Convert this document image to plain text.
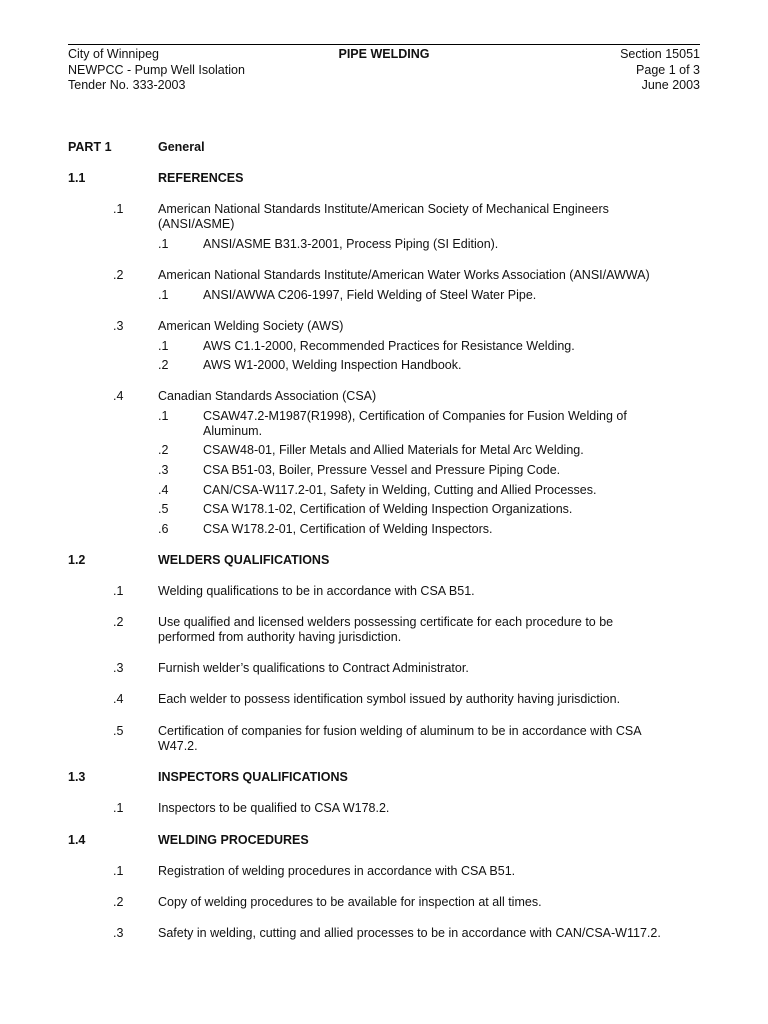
City of Winnipeg
NEWPCC - Pump Well Isolation
Tender No. 333-2003
PIPE WELDING	Section 15051
Page 1 of 3
June 2003
PART 1	General
1.1	REFERENCES
.1	American National Standards Institute/American Society of Mechanical Engineers
(ANSI/ASME)
.1	ANSI/ASME B31.3-2001, Process Piping (SI Edition).
.2	American National Standards Institute/American Water Works Association (ANSI/AWWA)
.1	ANSI/AWWA C206-1997, Field Welding of Steel Water Pipe.
.3	American Welding Society (AWS)
.1	AWS C1.1-2000, Recommended Practices for Resistance Welding.
.2	AWS W1-2000, Welding Inspection Handbook.
.4	Canadian Standards Association (CSA)
.1	CSAW47.2-M1987(R1998), Certification of Companies for Fusion Welding of
Aluminum.
.2	CSAW48-01, Filler Metals and Allied Materials for Metal Arc Welding.
.3	CSA B51-03, Boiler, Pressure Vessel and Pressure Piping Code.
.4	CAN/CSA-W117.2-01, Safety in Welding, Cutting and Allied Processes.
.5	CSA W178.1-02, Certification of Welding Inspection Organizations.
.6	CSA W178.2-01, Certification of Welding Inspectors.
1.2	WELDERS QUALIFICATIONS
.1	Welding qualifications to be in accordance with CSA B51.
.2	Use qualified and licensed welders possessing certificate for each procedure to be
performed from authority having jurisdiction.
.3	Furnish welder’s qualifications to Contract Administrator.
.4	Each welder to possess identification symbol issued by authority having jurisdiction.
.5	Certification of companies for fusion welding of aluminum to be in accordance with CSA
W47.2.
1.3	INSPECTORS QUALIFICATIONS
.1	Inspectors to be qualified to CSA W178.2.
1.4	WELDING PROCEDURES
.1	Registration of welding procedures in accordance with CSA B51.
.2	Copy of welding procedures to be available for inspection at all times.
.3	Safety in welding, cutting and allied processes to be in accordance with CAN/CSA-W117.2.
